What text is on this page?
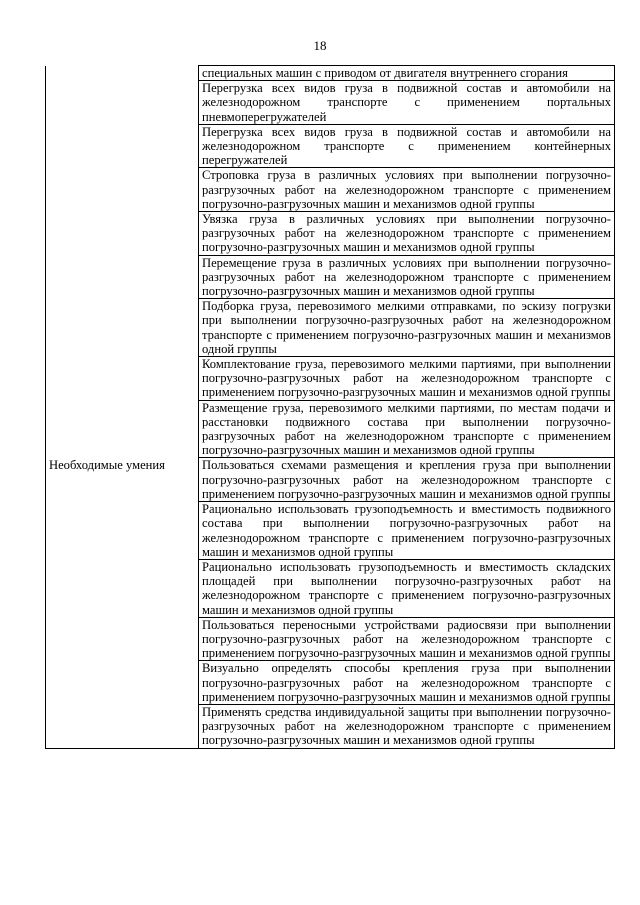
18
	специальных машин с приводом от двигателя внутреннего сгорания
	Перегрузка всех видов груза в подвижной состав и автомобили на железнодорожном транспорте с применением портальных пневмоперегружателей
	Перегрузка всех видов груза в подвижной состав и автомобили на железнодорожном транспорте с применением контейнерных перегружателей
	Строповка груза в различных условиях при выполнении погрузочно-разгрузочных работ на железнодорожном транспорте с применением погрузочно-разгрузочных машин и механизмов одной группы
	Увязка груза в различных условиях при выполнении погрузочно-разгрузочных работ на железнодорожном транспорте с применением погрузочно-разгрузочных машин и механизмов одной группы
	Перемещение груза в различных условиях при выполнении погрузочно-разгрузочных работ на железнодорожном транспорте с применением погрузочно-разгрузочных машин и механизмов одной группы
	Подборка груза, перевозимого мелкими отправками, по эскизу погрузки при выполнении погрузочно-разгрузочных работ на железнодорожном транспорте с применением погрузочно-разгрузочных машин и механизмов одной группы
	Комплектование груза, перевозимого мелкими партиями, при выполнении погрузочно-разгрузочных работ на железнодорожном транспорте с применением погрузочно-разгрузочных машин и механизмов одной группы
	Размещение груза, перевозимого мелкими партиями, по местам подачи и расстановки подвижного состава при выполнении погрузочно-разгрузочных работ на железнодорожном транспорте с применением погрузочно-разгрузочных машин и механизмов одной группы
Необходимые умения	Пользоваться схемами размещения и крепления груза при выполнении погрузочно-разгрузочных работ на железнодорожном транспорте с применением погрузочно-разгрузочных машин и механизмов одной группы
	Рационально использовать грузоподъемность и вместимость подвижного состава при выполнении погрузочно-разгрузочных работ на железнодорожном транспорте с применением погрузочно-разгрузочных машин и механизмов одной группы
	Рационально использовать грузоподъемность и вместимость складских площадей при выполнении погрузочно-разгрузочных работ на железнодорожном транспорте с применением погрузочно-разгрузочных машин и механизмов одной группы
	Пользоваться переносными устройствами радиосвязи при выполнении погрузочно-разгрузочных работ на железнодорожном транспорте с применением погрузочно-разгрузочных машин и механизмов одной группы
	Визуально определять способы крепления груза при выполнении погрузочно-разгрузочных работ на железнодорожном транспорте с применением погрузочно-разгрузочных машин и механизмов одной группы
	Применять средства индивидуальной защиты при выполнении погрузочно-разгрузочных работ на железнодорожном транспорте с применением погрузочно-разгрузочных машин и механизмов одной группы
